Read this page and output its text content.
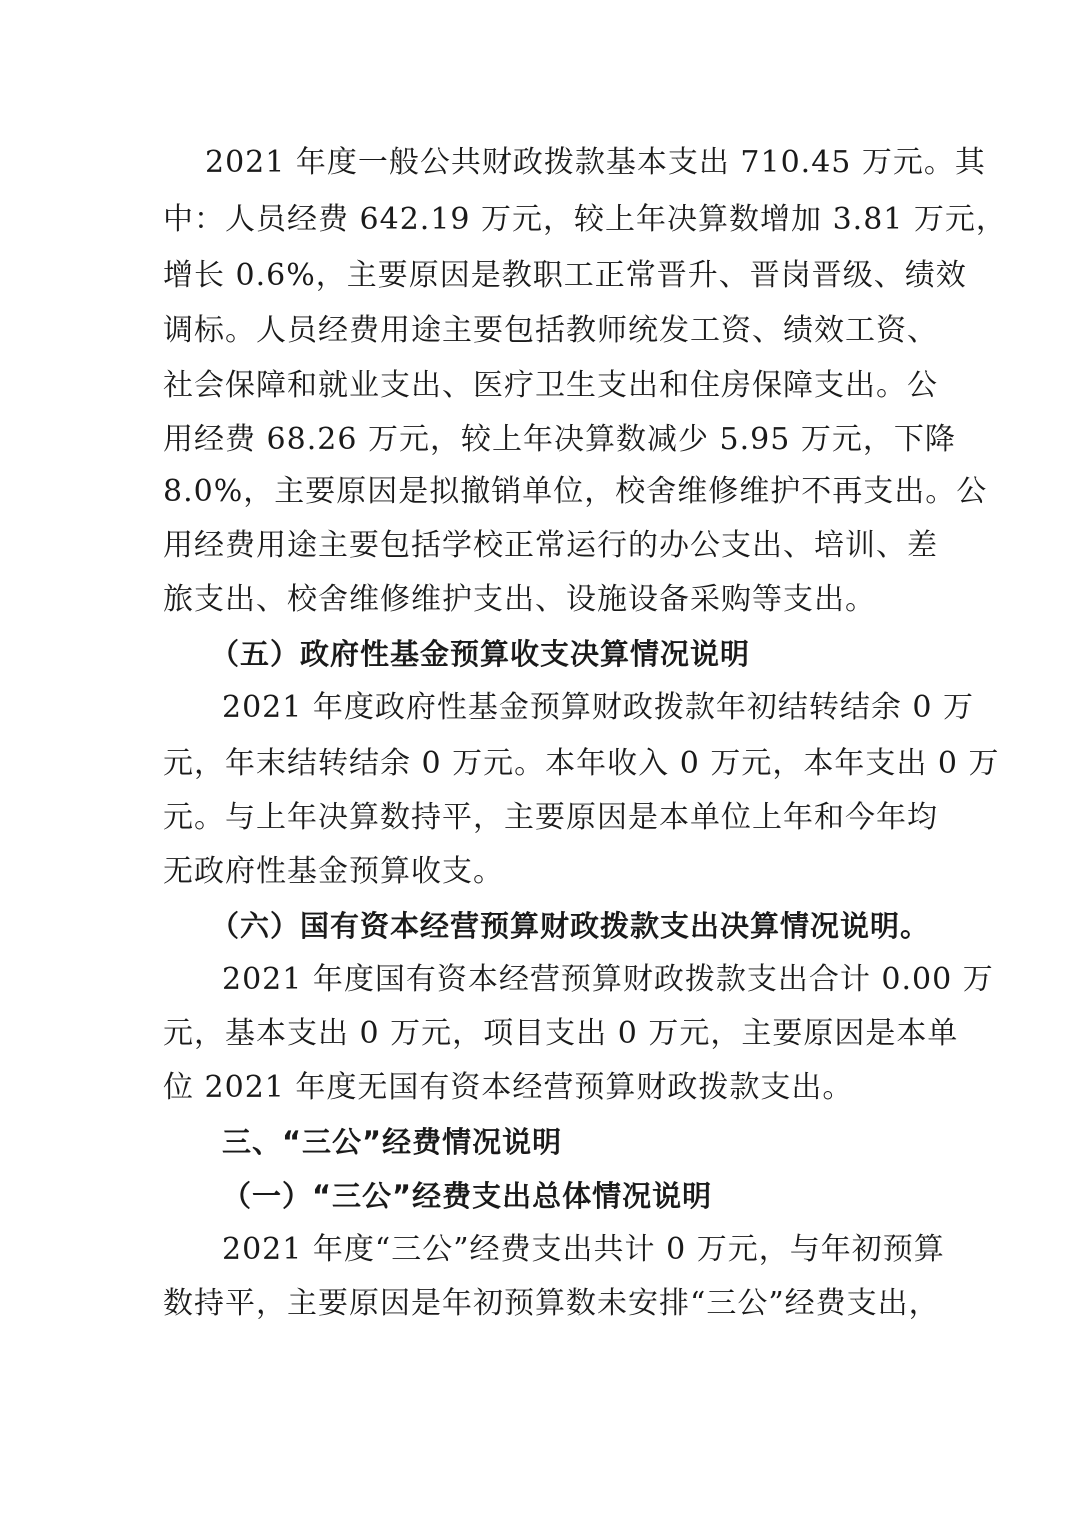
2021 年度一般公共财政拨款基本支出 710.45 万元。其
中：人员经费 642.19 万元，较上年决算数增加 3.81 万元，
增长 0.6%，主要原因是教职工正常晋升、晋岗晋级、绩效
调标。人员经费用途主要包括教师统发工资、绩效工资、
社会保障和就业支出、医疗卫生支出和住房保障支出。公
用经费 68.26 万元，较上年决算数减少 5.95 万元，下降
8.0%，主要原因是拟撤销单位，校舍维修维护不再支出。公
用经费用途主要包括学校正常运行的办公支出、培训、差
旅支出、校舍维修维护支出、设施设备采购等支出。
（五）政府性基金预算收支决算情况说明
2021 年度政府性基金预算财政拨款年初结转结余 0 万
元，年末结转结余 0 万元。本年收入 0 万元，本年支出 0 万
元。与上年决算数持平，主要原因是本单位上年和今年均
无政府性基金预算收支。
（六）国有资本经营预算财政拨款支出决算情况说明。
2021 年度国有资本经营预算财政拨款支出合计 0.00 万
元，基本支出 0 万元，项目支出 0 万元，主要原因是本单
位 2021 年度无国有资本经营预算财政拨款支出。
三、“三公”经费情况说明
（一）“三公”经费支出总体情况说明
2021 年度“三公”经费支出共计 0 万元，与年初预算
数持平，主要原因是年初预算数未安排“三公”经费支出，
